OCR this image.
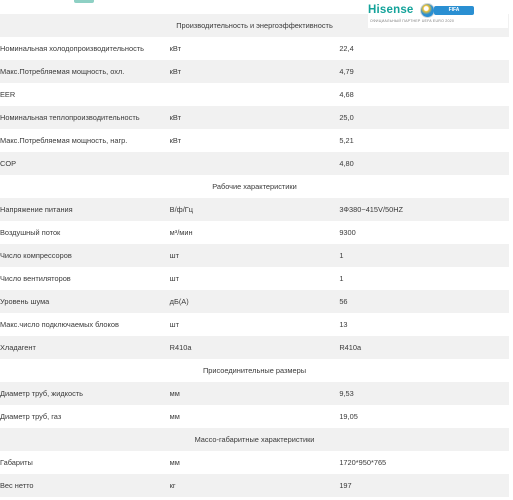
Hisense	FIFA
ОФИЦИАЛЬНЫЙ ПАРТНЕР UEFA EURO 2020
Производительность и энергоэффективность		
Номинальная холодопроизводительность	кВт	22,4
Макс.Потребляемая мощность, охл.	кВт	4,79
EER		4,68
Номинальная теплопроизводительность	кВт	25,0
Макс.Потребляемая мощность, нагр.	кВт	5,21
COP		4,80
Рабочие характеристики		
Напряжение питания	В/ф/Гц	3Ф380~415V/50HZ
Воздушный поток	м³/мин	9300
Число компрессоров	шт	1
Число вентиляторов	шт	1
Уровень шума	дБ(А)	56
Макс.число подключаемых блоков	шт	13
Хладагент	R410a	R410a
Присоединительные размеры		
Диаметр труб, жидкость	мм	9,53
Диаметр труб, газ	мм	19,05
Массо-габаритные характеристики		
Габариты	мм	1720*950*765
Вес нетто	кг	197
